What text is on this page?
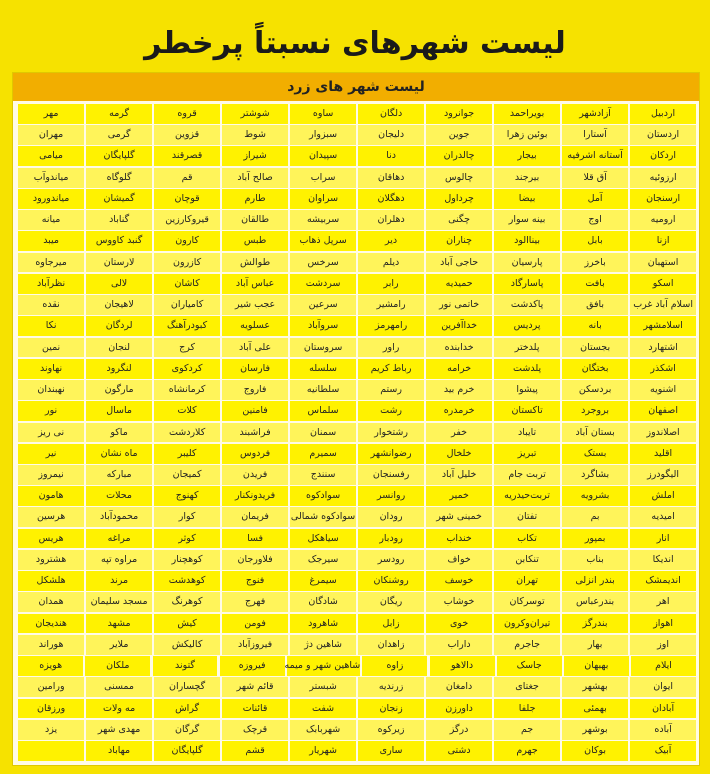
لیست شهرهای نسبتاً پرخطر
لیست شهر های زرد
اردبیل
آزادشهر
بویراحمد
جوانرود
دلگان
ساوه
شوشتر
قروه
گرمه
مهر
اردستان
آستارا
بوئین زهرا
جوین
دلیجان
سبزوار
شوط
قزوین
گرمی
مهران
اردکان
آستانه اشرفیه
بیجار
چالدران
دنا
سپیدان
شیراز
قصرقند
گلپایگان
میامی
ارزوئیه
آق قلا
بیرجند
چالوس
دهاقان
سراب
صالح آباد
قم
گلوگاه
میاندوآب
ارسنجان
آمل
بیضا
چرداول
دهگلان
سراوان
طارم
قوچان
گمیشان
میاندورود
ارومیه
اوج
بینه سوار
چگنی
دهلران
سربیشه
طالقان
قیروکارزین
گناباد
میانه
ازنا
بابل
بیناالود
چناران
دیر
سرپل ذهاب
طبس
کارون
گنبد کاووس
میبد
استهبان
باخرز
پارسیان
حاجی آباد
دیلم
سرخس
طوالش
کازرون
لارستان
میرجاوه
اسکو
بافت
پاسارگاد
حمیدیه
رابر
سردشت
عباس آباد
کاشان
لالی
نظرآباد
اسلام آباد غرب
بافق
پاکدشت
خاتمی‌ نور
رامشیر
سرعین
عجب شیر
کامیاران
لاهیجان
نقده
اسلامشهر
بانه
پردیس
خداآفرین
رامهرمز
سرو‌آباد
عسلویه
کبودرآهنگ
لردگان
نکا
اشتهارد
بجستان
پلدختر
خدابنده
راور
سروستان
علی آباد
کرج
لنجان
نمین
اشکذر
بختگان
پلدشت
خرامه
رباط کریم
سلسله
فارسان
کردکوی
لنگرود
نهاوند
اشنویه
بردسکن
پیشوا
خرم بید
رستم
سلطانیه
فاروج
کرمانشاه
مارگون
نهبندان
اصفهان
بروجرد
تاکستان
خرمدره
رشت
سلماس
فامنین
کلات
ماسال
نور
اصلاندوز
بستان آباد
تایباد
خفر
رشتخوار
سمنان
فراشبند
کلاردشت
ماکو
نی ریز
اقلید
بستک
تبریز
خلخال
رضوانشهر
سمیرم
فردوس
کلیبر
ماه نشان
نیر
الیگودرز
بشاگرد
تربت جام
خلیل آباد
رفسنجان
سنندج
فریدن
کمیجان
مبارکه
نیمروز
املش
بشرویه
تربت‌حیدریه
خمیر
روانسر
سوادکوه
فریدونکنار
کهنوج
محلات
هامون
امیدیه
بم
تفتان
خمینی شهر
رودان
سوادکوه شمالی
فریمان
کوار
محمودآباد
هرسین
انار
بمپور
تکاب
خنداب
رودبار
سیاهکل
فسا
کوثر
مراغه
هریس
اندیکا
بناب
تنکابن
خواف
رودسر
سیرجک
فلاورجان
کوهچنار
مراوه تپه
هشترود
اندیمشک
بندر انزلی
تهران
خوسف
روشنکان
سیمرغ
فنوج
کوهدشت
مرند
هلشکل
اهر
بندرعباس
توسرکان
خوشاب
ریگان
شادگان
فهرج
کوهرنگ
مسجد سلیمان
همدان
اهواز
بندرگز
تیران‌وکرون
خوی
زابل
شاهرود
فومن
کیش
مشهد
هندیجان
اوز
بهار
جاجرم
داراب
زاهدان
شاهین دژ
فیروزآباد
کالیکش
ملایر
هوراند
ایلام
بهبهان
جاسک
دالاهو
زاوه
شاهین شهر و میمه
فیروزه
گتوند
ملکان
هویزه
ایوان
بهشهر
جغتای
دامغان
زرندیه
شبستر
قائم شهر
گچساران
ممسنی
ورامین
آبادان
بهمئی
جلفا
داورزن
زنجان
شفت
قائنات
گراش
مه ولات
ورزقان
آباده
بوشهر
جم
درگز
زیرکوه
شهربابک
قرچک
گرگان
مهدی شهر
یزد
آبیک
بوکان
جهرم
دشتی
ساری
شهریار
قشم
گلپایگان
مهاباد
